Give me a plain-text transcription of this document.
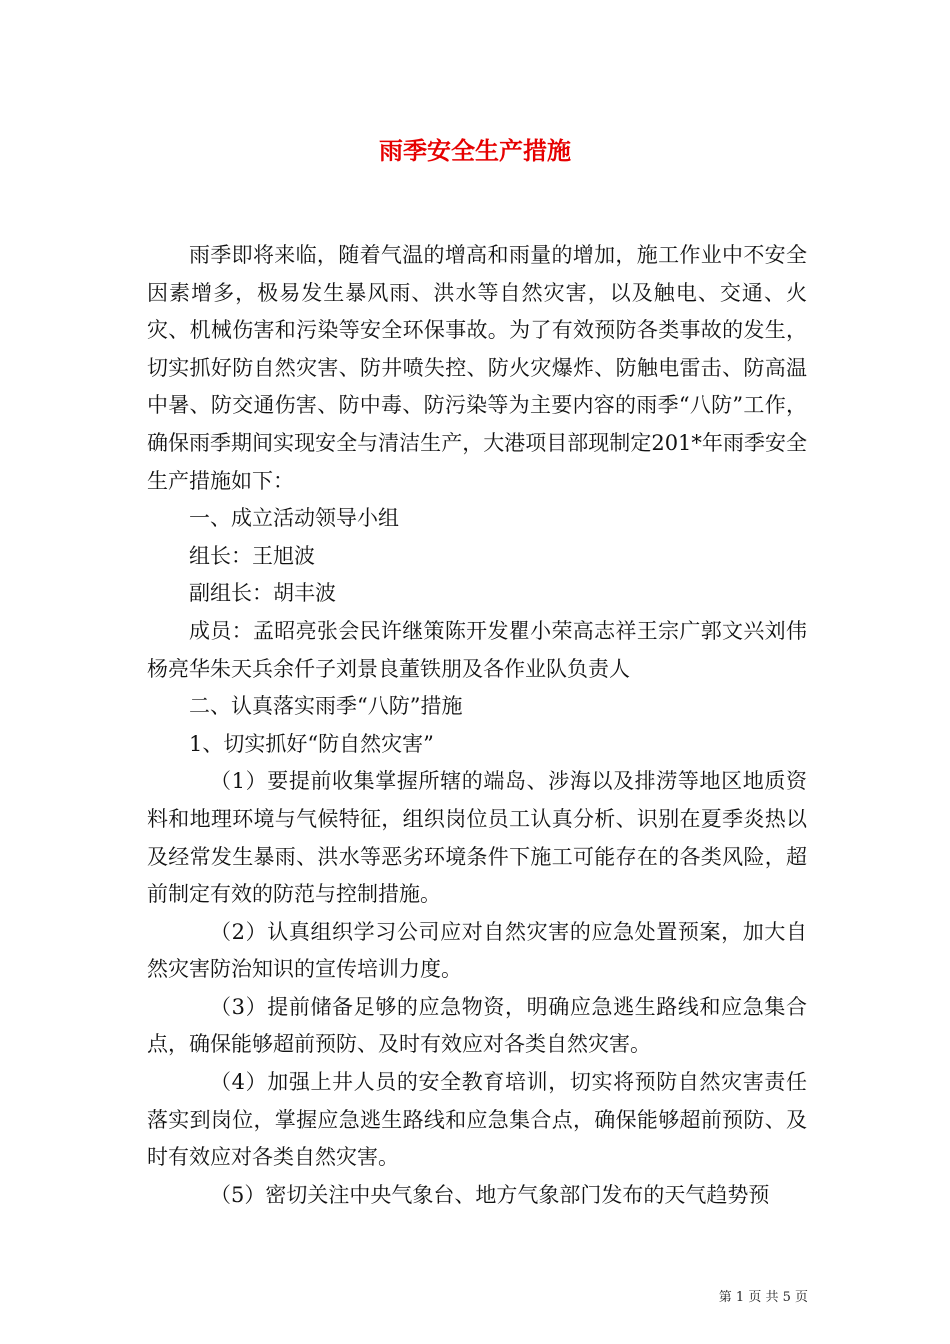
雨季安全生产措施

雨季即将来临，随着气温的增高和雨量的增加，施工作业中不安全因素增多，极易发生暴风雨、洪水等自然灾害，以及触电、交通、火灾、机械伤害和污染等安全环保事故。为了有效预防各类事故的发生，切实抓好防自然灾害、防井喷失控、防火灾爆炸、防触电雷击、防高温中暑、防交通伤害、防中毒、防污染等为主要内容的雨季“八防”工作，确保雨季期间实现安全与清洁生产，大港项目部现制定201*年雨季安全生产措施如下：

一、成立活动领导小组

组长：王旭波

副组长：胡丰波

成员：孟昭亮张会民许继策陈开发瞿小荣高志祥王宗广郭文兴刘伟杨亮华朱天兵余仟子刘景良董铁朋及各作业队负责人

二、认真落实雨季“八防”措施

1、切实抓好“防自然灾害”

（1）要提前收集掌握所辖的端岛、涉海以及排涝等地区地质资料和地理环境与气候特征，组织岗位员工认真分析、识别在夏季炎热以及经常发生暴雨、洪水等恶劣环境条件下施工可能存在的各类风险，超前制定有效的防范与控制措施。

（2）认真组织学习公司应对自然灾害的应急处置预案，加大自然灾害防治知识的宣传培训力度。

（3）提前储备足够的应急物资，明确应急逃生路线和应急集合点，确保能够超前预防、及时有效应对各类自然灾害。

（4）加强上井人员的安全教育培训，切实将预防自然灾害责任落实到岗位，掌握应急逃生路线和应急集合点，确保能够超前预防、及时有效应对各类自然灾害。

（5）密切关注中央气象台、地方气象部门发布的天气趋势预

第 1 页 共 5 页
